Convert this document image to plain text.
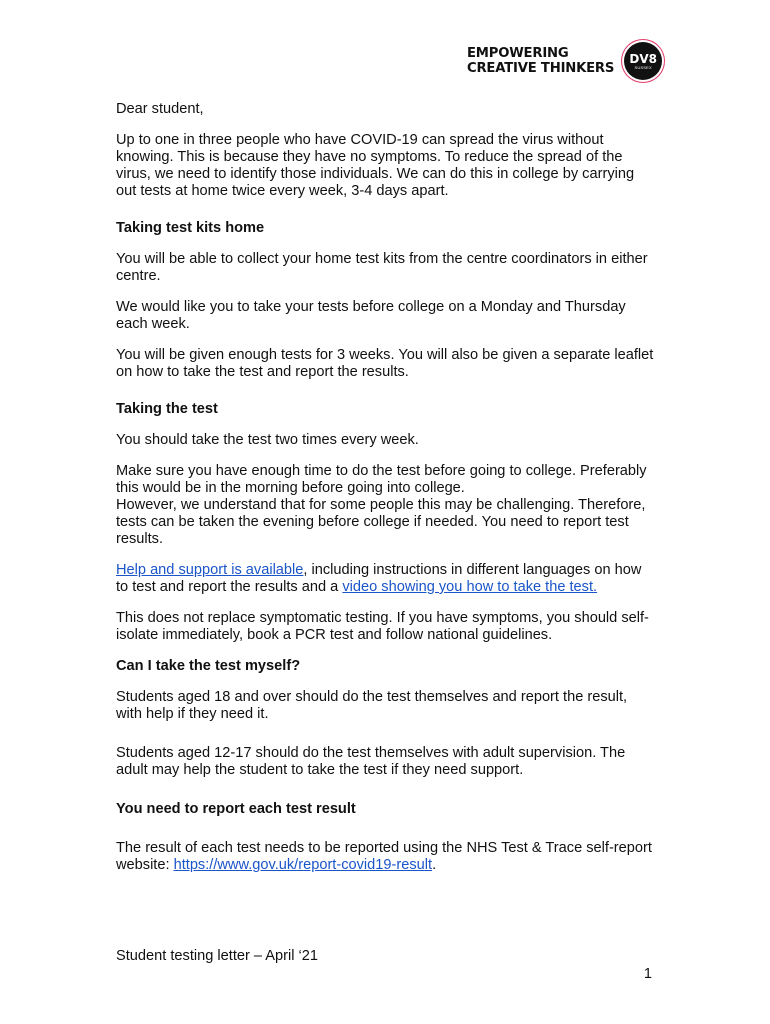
EMPOWERING
CREATIVE THINKERS
DV8
SUSSEX

Dear student,

Up to one in three people who have COVID-19 can spread the virus without knowing. This is because they have no symptoms. To reduce the spread of the virus, we need to identify those individuals. We can do this in college by carrying out tests at home twice every week, 3-4 days apart.

Taking test kits home

You will be able to collect your home test kits from the centre coordinators in either centre.

We would like you to take your tests before college on a Monday and Thursday each week.

You will be given enough tests for 3 weeks. You will also be given a separate leaflet on how to take the test and report the results.

Taking the test

You should take the test two times every week.

Make sure you have enough time to do the test before going to college. Preferably this would be in the morning before going into college.
However, we understand that for some people this may be challenging. Therefore, tests can be taken the evening before college if needed. You need to report test results.

Help and support is available, including instructions in different languages on how to test and report the results and a video showing you how to take the test.

This does not replace symptomatic testing. If you have symptoms, you should self- isolate immediately, book a PCR test and follow national guidelines.

Can I take the test myself?

Students aged 18 and over should do the test themselves and report the result, with help if they need it.

Students aged 12-17 should do the test themselves with adult supervision. The adult may help the student to take the test if they need support.

You need to report each test result

The result of each test needs to be reported using the NHS Test & Trace self-report website: https://www.gov.uk/report-covid19-result.

Student testing letter – April ‘21
1
